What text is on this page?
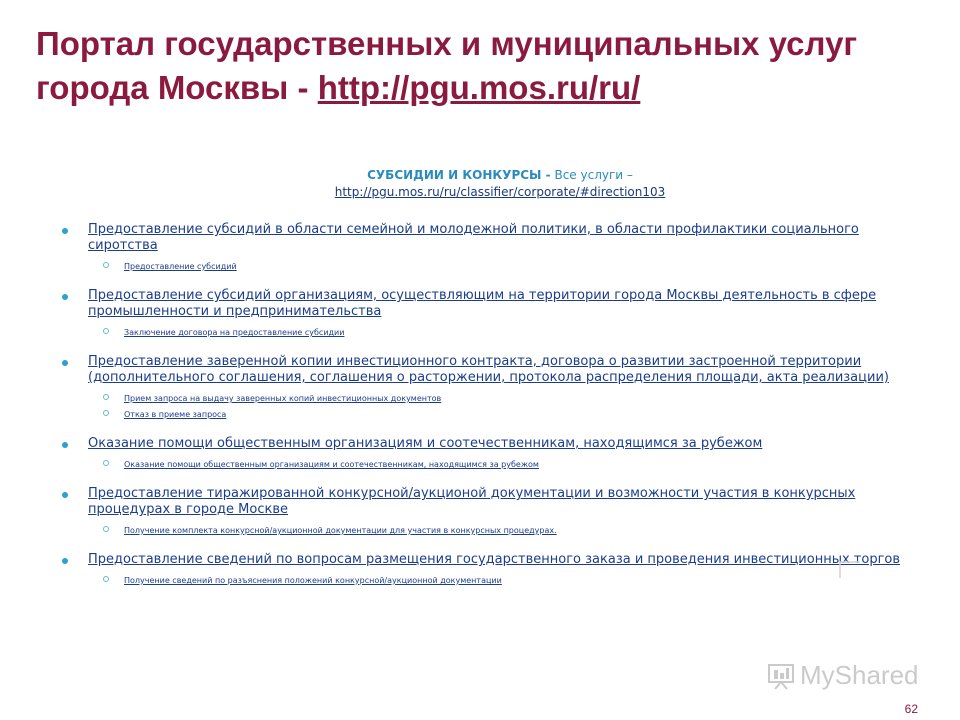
Портал государственных и муниципальных услуг города Москвы - http://pgu.mos.ru/ru/
СУБСИДИИ И КОНКУРСЫ - Все услуги –
http://pgu.mos.ru/ru/classifier/corporate/#direction103
Предоставление субсидий в области семейной и молодежной политики, в области профилактики социального сиротства
Предоставление субсидий
Предоставление субсидий организациям, осуществляющим на территории города Москвы деятельность в сфере промышленности и предпринимательства
Заключение договора на предоставление субсидии
Предоставление заверенной копии инвестиционного контракта, договора о развитии застроенной территории (дополнительного соглашения, соглашения о расторжении, протокола распределения площади, акта реализации)
Прием запроса на выдачу заверенных копий инвестиционных документов
Отказ в приеме запроса
Оказание помощи общественным организациям и соотечественникам, находящимся за рубежом
Оказание помощи общественным организациям и соотечественникам, находящимся за рубежом
Предоставление тиражированной конкурсной/аукционой документации и возможности участия в конкурсных процедурах в городе Москве
Получение комплекта конкурсной/аукционной документации для участия в конкурсных процедурах.
Предоставление сведений по вопросам размещения государственного заказа и проведения инвестиционных торгов
Получение сведений по разъяснения положений конкурсной/аукционной документации
MyShared
62
